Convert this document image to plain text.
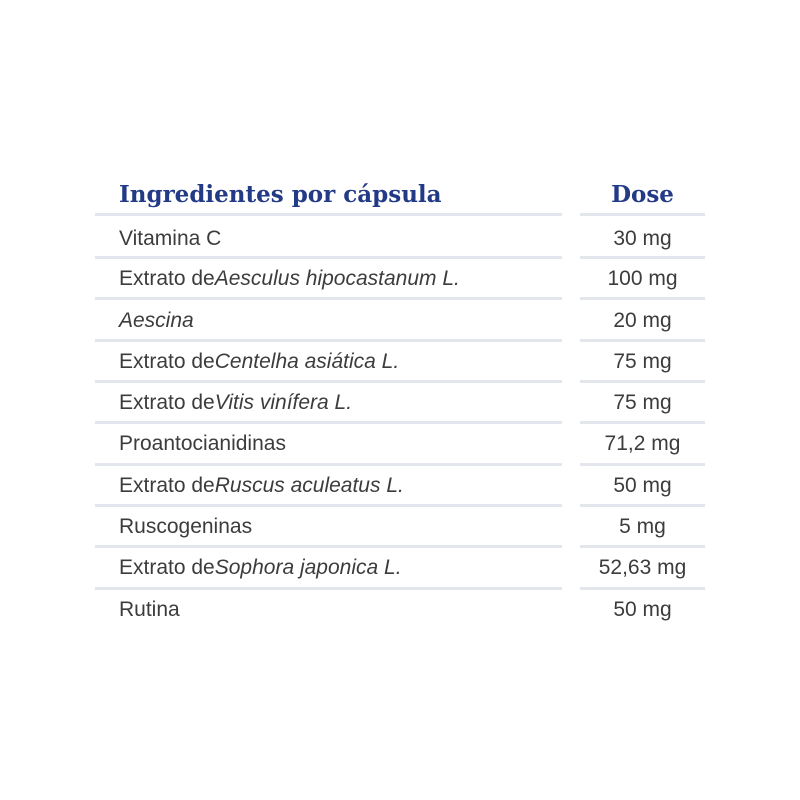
Ingredientes por cápsula	Dose
Vitamina C	30 mg
Extrato de Aesculus hipocastanum L.	100 mg
Aescina	20 mg
Extrato de Centelha asiática L.	75 mg
Extrato de Vitis vinífera L.	75 mg
Proantocianidinas	71,2 mg
Extrato de Ruscus aculeatus L.	50 mg
Ruscogeninas	5 mg
Extrato de Sophora japonica L.	52,63 mg
Rutina	50 mg
